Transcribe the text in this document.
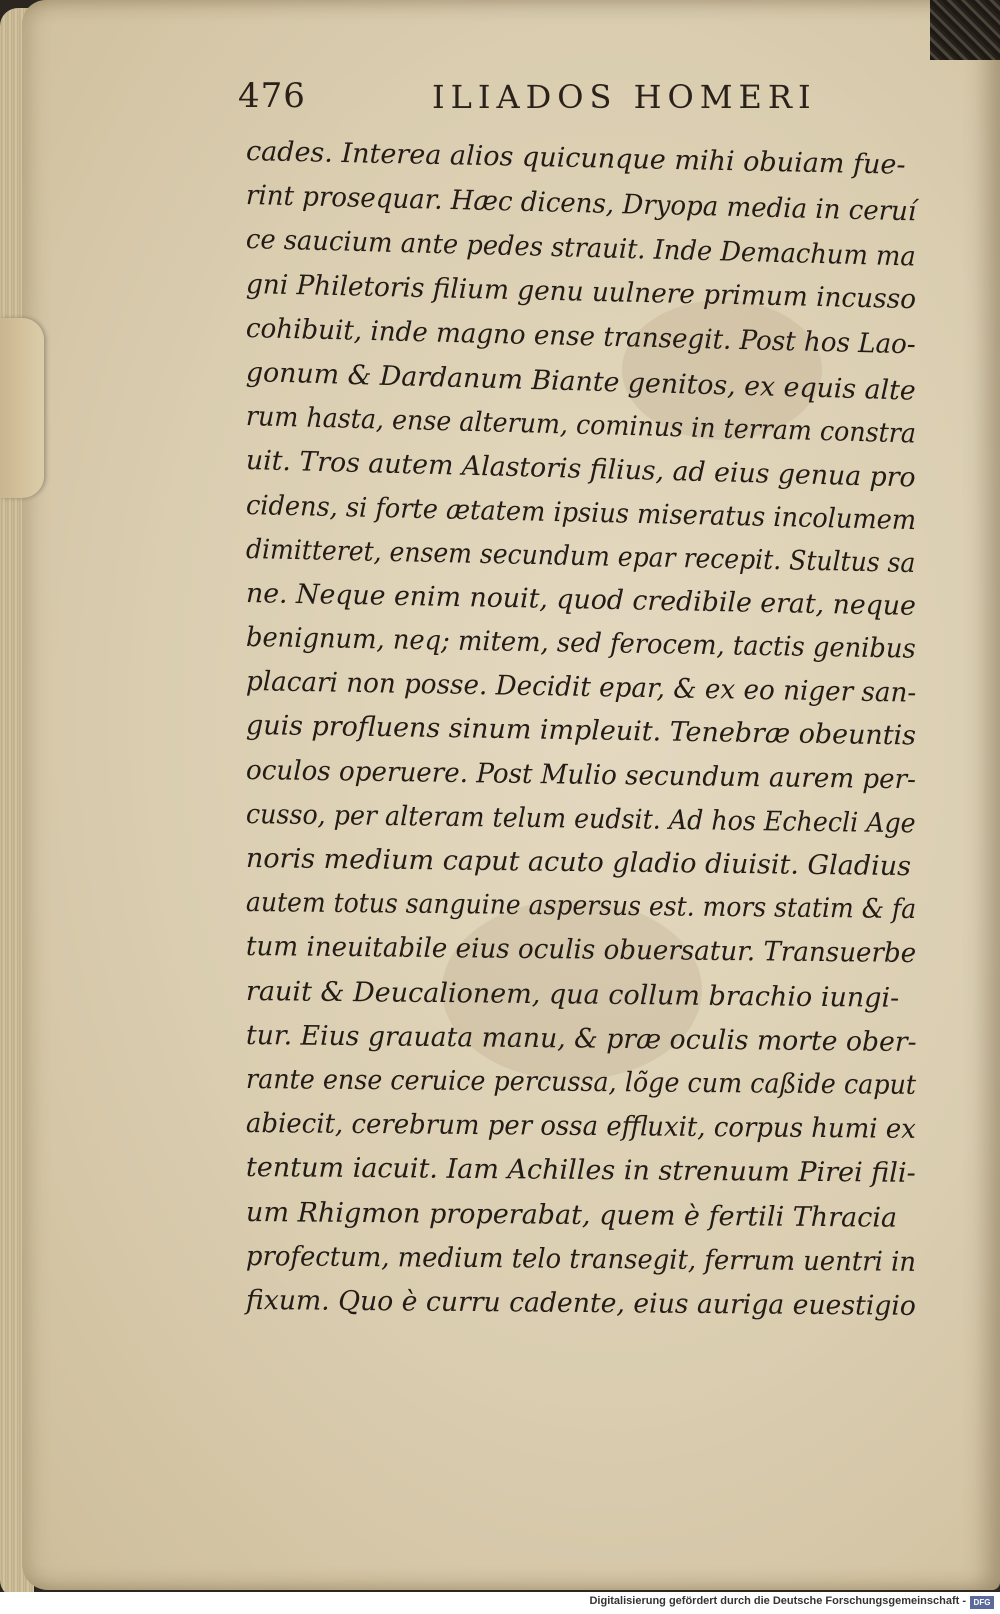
476	ILIADOS HOMERI
cades. Interea alios quicunque mihi obuiam fue-
rint prosequar. Hæc dicens, Dryopa media in ceruí
ce saucium ante pedes strauit. Inde Demachum ma
gni Philetoris filium genu uulnere primum incusso
cohibuit, inde magno ense transegit. Post hos Lao-
gonum & Dardanum Biante genitos, ex equis alte
rum hasta, ense alterum, cominus in terram constra
uit. Tros autem Alastoris filius, ad eius genua pro
cidens, si forte ætatem ipsius miseratus incolumem
dimitteret, ensem secundum epar recepit. Stultus sa
ne. Neque enim nouit, quod credibile erat, neque
benignum, neq; mitem, sed ferocem, tactis genibus
placari non posse. Decidit epar, & ex eo niger san-
guis profluens sinum impleuit. Tenebræ obeuntis
oculos operuere. Post Mulio secundum aurem per-
cusso, per alteram telum eudsit. Ad hos Echecli Age
noris medium caput acuto gladio diuisit. Gladius
autem totus sanguine aspersus est. mors statim & fa
tum ineuitabile eius oculis obuersatur. Transuerbe
rauit & Deucalionem, qua collum brachio iungi-
tur. Eius grauata manu, & præ oculis morte ober-
rante ense ceruice percussa, lõge cum caßide caput
abiecit, cerebrum per ossa effluxit, corpus humi ex
tentum iacuit. Iam Achilles in strenuum Pirei fili-
um Rhigmon properabat, quem è fertili Thracia
profectum, medium telo transegit, ferrum uentri in
fixum. Quo è curru cadente, eius auriga euestigio
Digitalisierung gefördert durch die Deutsche Forschungsgemeinschaft - DFG
